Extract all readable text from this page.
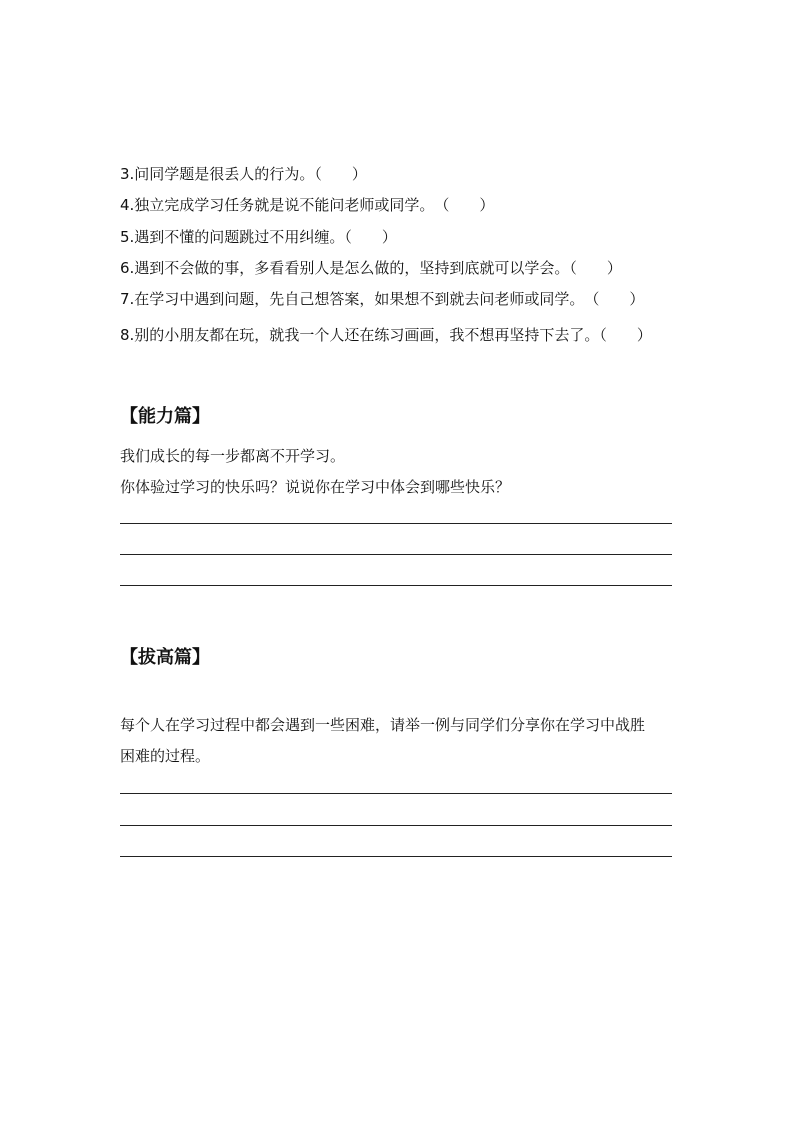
3.问同学题是很丢人的行为。（　　）
4.独立完成学习任务就是说不能问老师或同学。　（　　）
5.遇到不懂的问题跳过不用纠缠。（　　）
6.遇到不会做的事，多看看别人是怎么做的，坚持到底就可以学会。（　　）
7.在学习中遇到问题，先自己想答案，如果想不到就去问老师或同学。　（　　）
8.别的小朋友都在玩，就我一个人还在练习画画，我不想再坚持下去了。（　　）
【能力篇】
我们成长的每一步都离不开学习。
你体验过学习的快乐吗？说说你在学习中体会到哪些快乐？
【拔高篇】
每个人在学习过程中都会遇到一些困难，请举一例与同学们分享你在学习中战胜
困难的过程。
